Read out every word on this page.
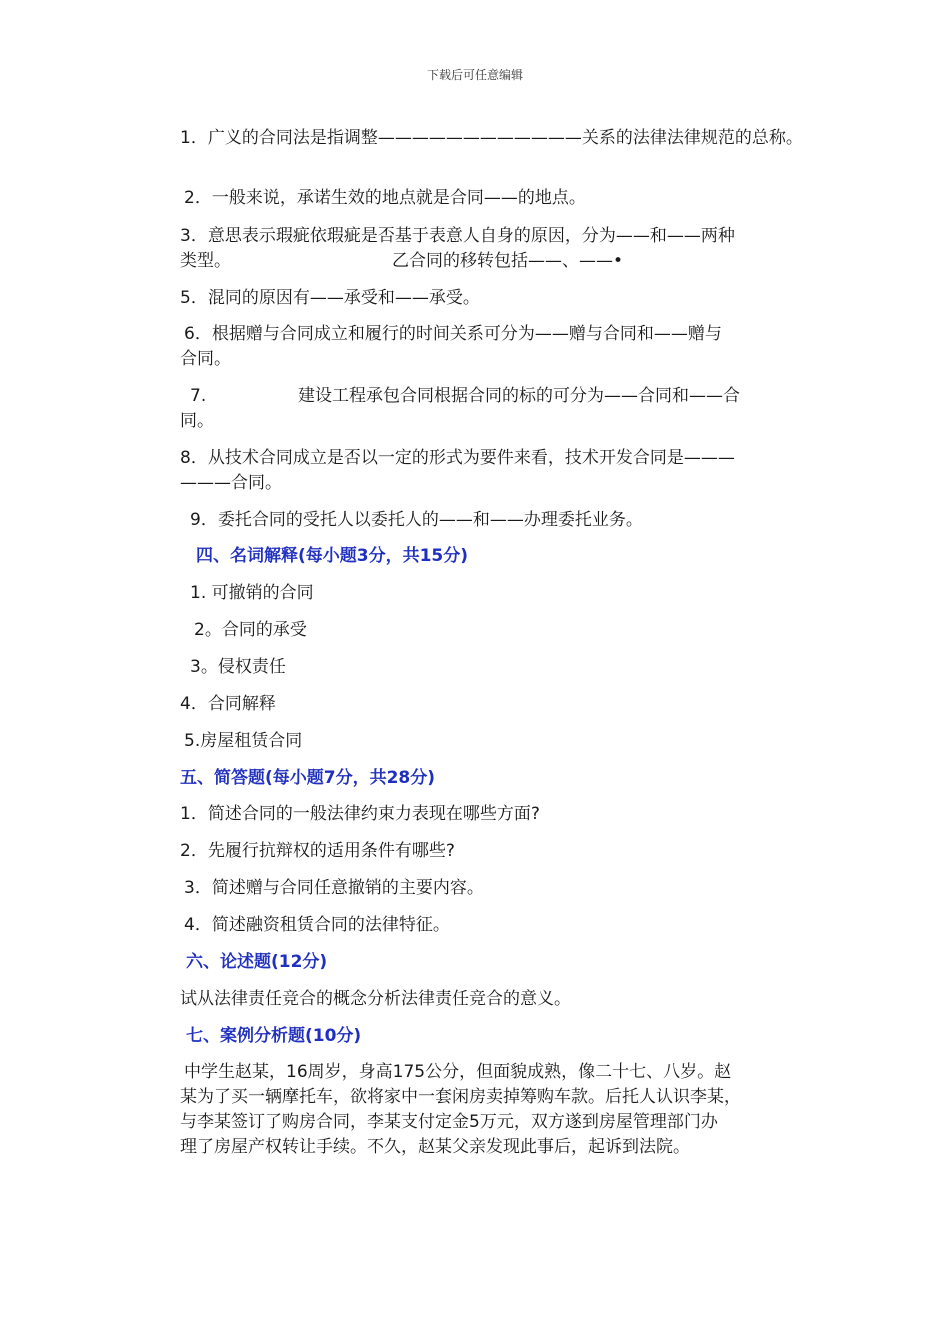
下载后可任意编辑
1．广义的合同法是指调整————————————关系的法律法律规范的总称。
2．一般来说，承诺生效的地点就是合同——的地点。
3．意思表示瑕疵依瑕疵是否基于表意人自身的原因，分为——和——两种
类型。	乙合同的移转包括——、——•
5．混同的原因有——承受和——承受。
6．根据赠与合同成立和履行的时间关系可分为——赠与合同和——赠与
合同。
7.	建设工程承包合同根据合同的标的可分为——合同和——合
同。
8．从技术合同成立是否以一定的形式为要件来看，技术开发合同是———
———合同。
9．委托合同的受托人以委托人的——和——办理委托业务。
四、名词解释(每小题3分，共15分)
1. 可撤销的合同
2。合同的承受
3。侵权责任
4．合同解释
5.房屋租赁合同
五、简答题(每小题7分，共28分)
1．简述合同的一般法律约束力表现在哪些方面?
2．先履行抗辩权的适用条件有哪些?
3．简述赠与合同任意撤销的主要内容。
4．简述融资租赁合同的法律特征。
六、论述题(12分)
试从法律责任竞合的概念分析法律责任竞合的意义。
七、案例分析题(10分)
中学生赵某，16周岁，身高175公分，但面貌成熟，像二十七、八岁。赵
某为了买一辆摩托车，欲将家中一套闲房卖掉筹购车款。后托人认识李某，
与李某签订了购房合同，李某支付定金5万元，双方遂到房屋管理部门办
理了房屋产权转让手续。不久，赵某父亲发现此事后，起诉到法院。
